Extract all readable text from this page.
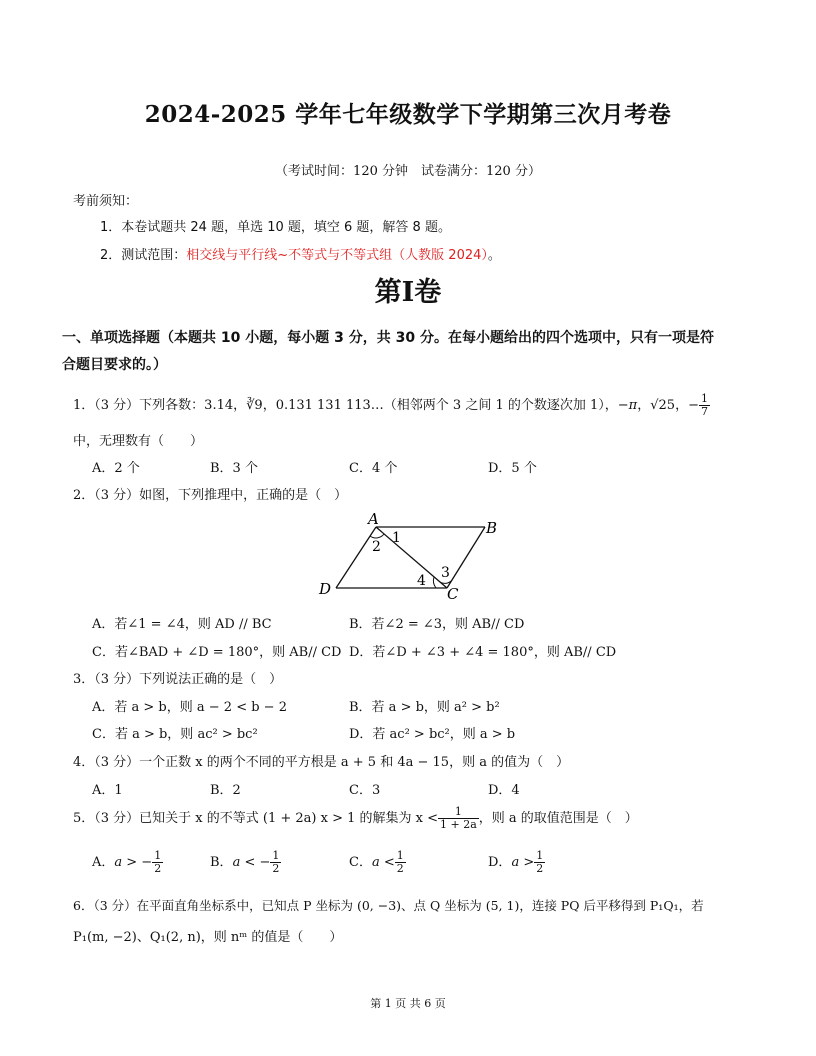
2024-2025 学年七年级数学下学期第三次月考卷
（考试时间：120 分钟　试卷满分：120 分）
考前须知：
1．本卷试题共 24 题，单选 10 题，填空 6 题，解答 8 题。
2．测试范围：相交线与平行线~不等式与不等式组（人教版 2024）。
第Ⅰ卷
一、单项选择题（本题共 10 小题，每小题 3 分，共 30 分。在每小题给出的四个选项中，只有一项是符
合题目要求的。）
1．（3 分）下列各数：3.14，∛9，0.131 131 113…（相邻两个 3 之间 1 的个数逐次加 1），−π，√25，− $\frac{1}{7}$
中，无理数有（　　）
A．2 个	B．3 个	C．4 个	D．5 个
2．（3 分）如图，下列推理中，正确的是（　）
A	B
C
D
1
2
3
4
A．若∠1 = ∠4，则 AD // BC	B．若∠2 = ∠3，则 AB// CD
C．若∠BAD + ∠D = 180°，则 AB// CD D．若∠D + ∠3 + ∠4 = 180°，则 AB// CD
3．（3 分）下列说法正确的是（　）
A．若 a > b，则 a − 2 < b − 2	B．若 a > b，则 a² > b²
C．若 a > b，则 ac² > bc²	D．若 ac² > bc²，则 a > b
4．（3 分）一个正数 x 的两个不同的平方根是 a + 5 和 4a − 15，则 a 的值为（　）
A．1	B．2	C．3	D．4
5．（3 分）已知关于 x 的不等式 (1 + 2a) x > 1 的解集为 $x < \frac{1}{1 + 2a}$ ，则 a 的取值范围是（　）
A．a > − $\frac{1}{2}$	B．a < − $\frac{1}{2}$	C．$a < \frac{1}{2}$	D．$a > \frac{1}{2}$
6．（3 分）在平面直角坐标系中，已知点 P 坐标为 (0, −3)、点 Q 坐标为 (5, 1)，连接 PQ 后平移得到 P₁Q₁，若
P₁(m, −2)、Q₁(2, n)，则 nᵐ 的值是（　　）
第 1 页 共 6 页
